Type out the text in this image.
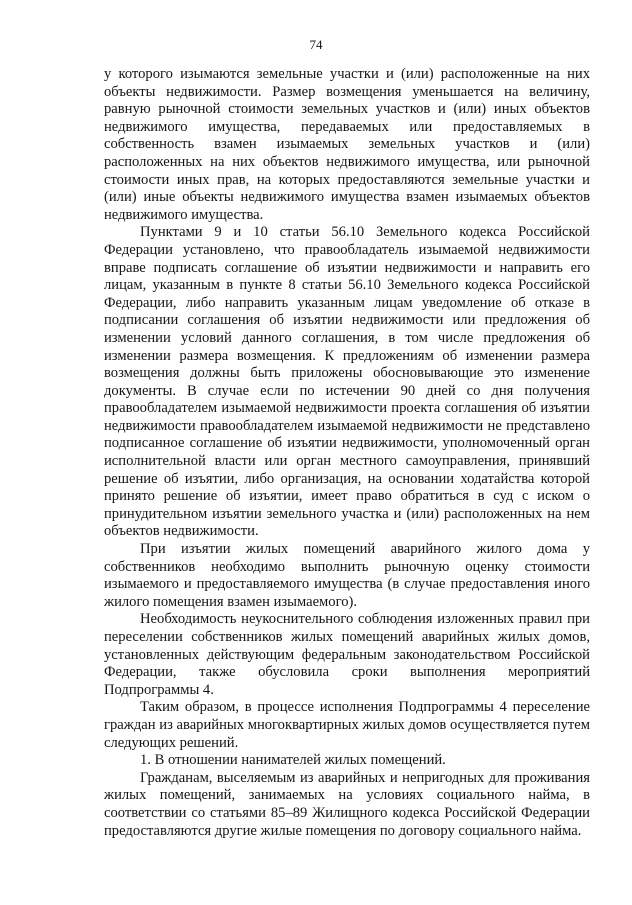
74

у которого изымаются земельные участки и (или) расположенные на них объекты недвижимости. Размер возмещения уменьшается на величину, равную рыночной стоимости земельных участков и (или) иных объектов недвижимого имущества, передаваемых или предоставляемых в собственность взамен изымаемых земельных участков и (или) расположенных на них объектов недвижимого имущества, или рыночной стоимости иных прав, на которых предоставляются земельные участки и (или) иные объекты недвижимого имущества взамен изымаемых объектов недвижимого имущества.

Пунктами 9 и 10 статьи 56.10 Земельного кодекса Российской Федерации установлено, что правообладатель изымаемой недвижимости вправе подписать соглашение об изъятии недвижимости и направить его лицам, указанным в пункте 8 статьи 56.10 Земельного кодекса Российской Федерации, либо направить указанным лицам уведомление об отказе в подписании соглашения об изъятии недвижимости или предложения об изменении условий данного соглашения, в том числе предложения об изменении размера возмещения. К предложениям об изменении размера возмещения должны быть приложены обосновывающие это изменение документы. В случае если по истечении 90 дней со дня получения правообладателем изымаемой недвижимости проекта соглашения об изъятии недвижимости правообладателем изымаемой недвижимости не представлено подписанное соглашение об изъятии недвижимости, уполномоченный орган исполнительной власти или орган местного самоуправления, принявший решение об изъятии, либо организация, на основании ходатайства которой принято решение об изъятии, имеет право обратиться в суд с иском о принудительном изъятии земельного участка и (или) расположенных на нем объектов недвижимости.

При изъятии жилых помещений аварийного жилого дома у собственников необходимо выполнить рыночную оценку стоимости изымаемого и предоставляемого имущества (в случае предоставления иного жилого помещения взамен изымаемого).

Необходимость неукоснительного соблюдения изложенных правил при переселении собственников жилых помещений аварийных жилых домов, установленных действующим федеральным законодательством Российской Федерации, также обусловила сроки выполнения мероприятий Подпрограммы 4.

Таким образом, в процессе исполнения Подпрограммы 4 переселение граждан из аварийных многоквартирных жилых домов осуществляется путем следующих решений.

1. В отношении нанимателей жилых помещений.

Гражданам, выселяемым из аварийных и непригодных для проживания жилых помещений, занимаемых на условиях социального найма, в соответствии со статьями 85–89 Жилищного кодекса Российской Федерации предоставляются другие жилые помещения по договору социального найма.
